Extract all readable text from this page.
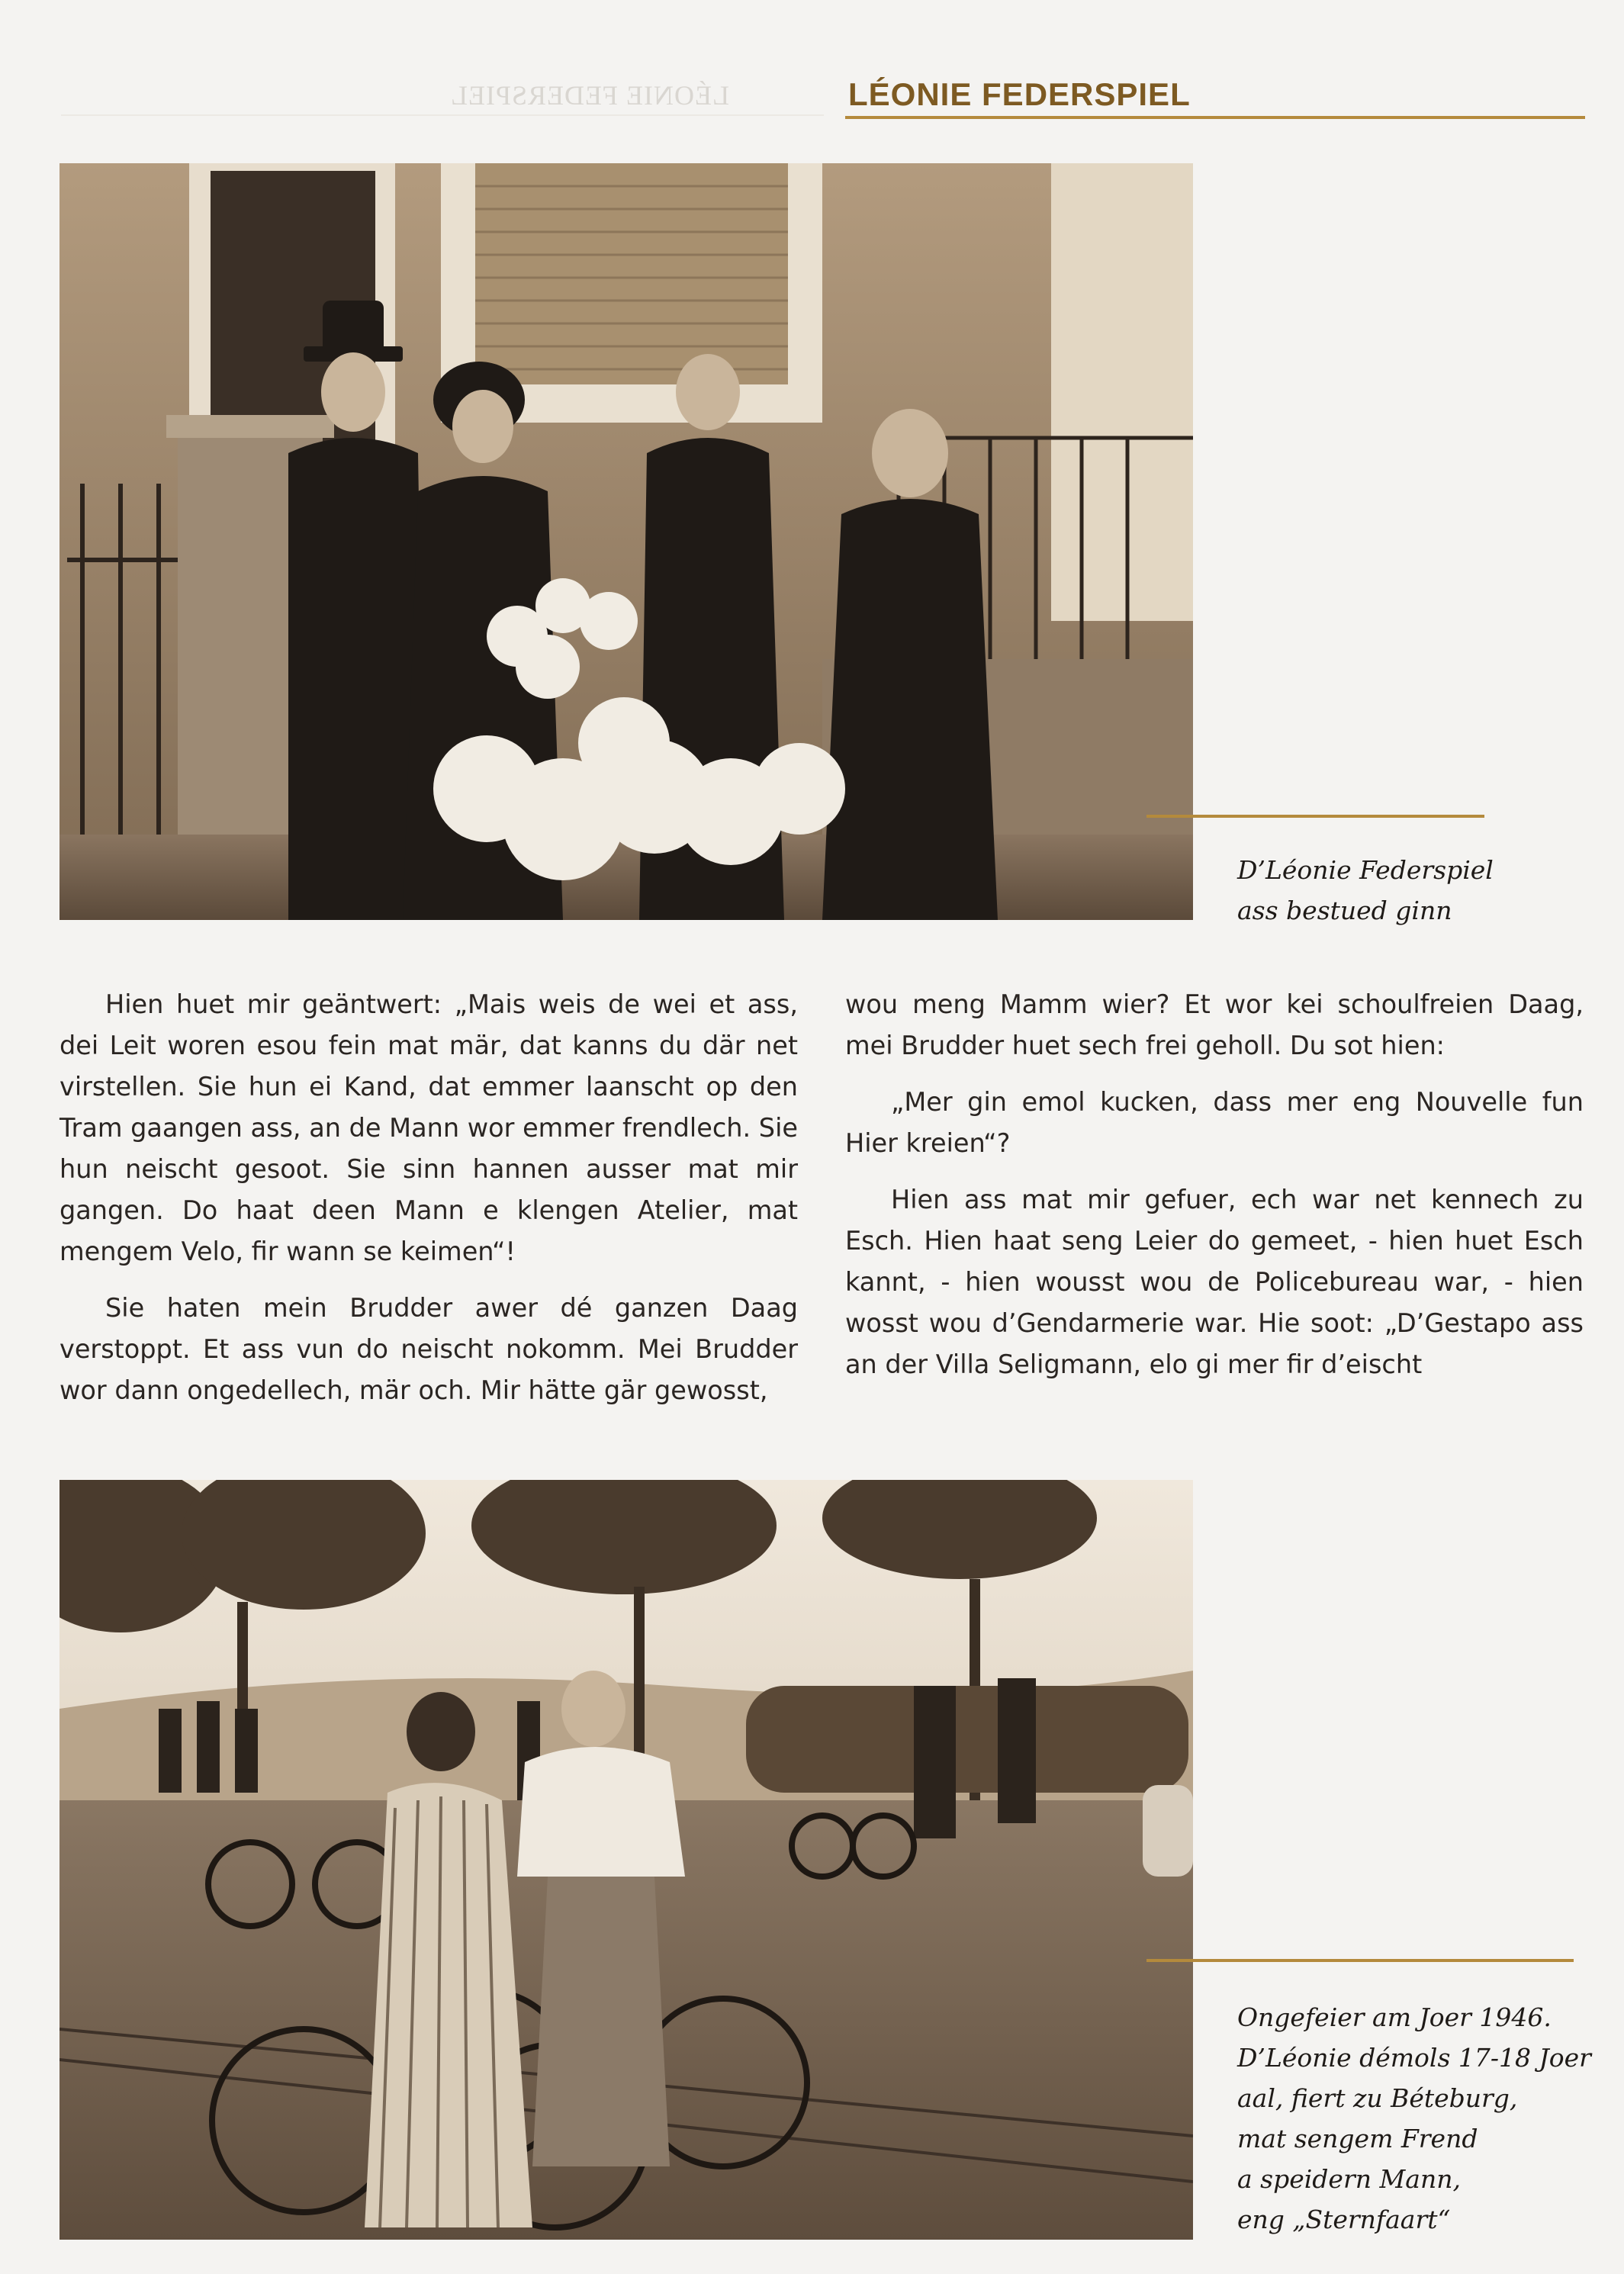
LÉONIE FEDERSPIEL	LÉONIE FEDERSPIEL
D’Léonie Federspiel
ass bestued ginn

Hien huet mir geäntwert: „Mais weis de wei et ass, dei Leit woren esou fein mat mär, dat kanns du där net virstellen. Sie hun ei Kand, dat emmer laanscht op den Tram gaangen ass, an de Mann wor emmer frendlech. Sie hun neischt gesoot. Sie sinn hannen ausser mat mir gangen. Do haat deen Mann e klengen Atelier, mat mengem Velo, fir wann se keimen“!

Sie haten mein Brudder awer dé ganzen Daag verstoppt. Et ass vun do neischt nokomm. Mei Brudder wor dann ongedellech, mär och. Mir hätte gär gewosst,

wou meng Mamm wier? Et wor kei schoulfreien Daag, mei Brudder huet sech frei geholl. Du sot hien:

„Mer gin emol kucken, dass mer eng Nouvelle fun Hier kreien“?

Hien ass mat mir gefuer, ech war net kennech zu Esch. Hien haat seng Leier do gemeet, - hien huet Esch kannt, - hien wousst wou de Policebureau war, - hien wosst wou d’Gendarmerie war. Hie soot: „D’Gestapo ass an der Villa Seligmann, elo gi mer fir d’eischt

Ongefeier am Joer 1946.
D’Léonie démols 17-18 Joer
aal, fiert zu Béteburg,
mat sengem Frend
a speidern Mann,
eng „Sternfaart“
